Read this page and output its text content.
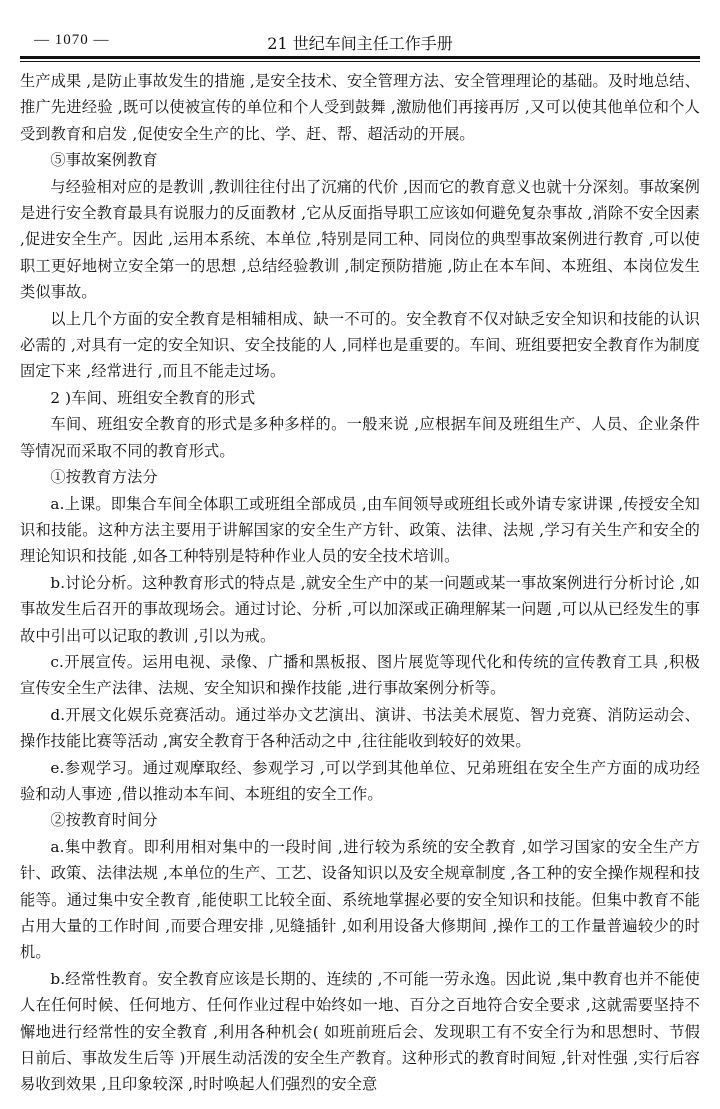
— 1070 —	21 世纪车间主任工作手册

生产成果 ,是防止事故发生的措施 ,是安全技术、安全管理方法、安全管理理论的基础。及时地总结、推广先进经验 ,既可以使被宣传的单位和个人受到鼓舞 ,激励他们再接再厉 ,又可以使其他单位和个人受到教育和启发 ,促使安全生产的比、学、赶、帮、超活动的开展。

⑤事故案例教育

与经验相对应的是教训 ,教训往往付出了沉痛的代价 ,因而它的教育意义也就十分深刻。事故案例是进行安全教育最具有说服力的反面教材 ,它从反面指导职工应该如何避免复杂事故 ,消除不安全因素 ,促进安全生产。因此 ,运用本系统、本单位 ,特别是同工种、同岗位的典型事故案例进行教育 ,可以使职工更好地树立安全第一的思想 ,总结经验教训 ,制定预防措施 ,防止在本车间、本班组、本岗位发生类似事故。

以上几个方面的安全教育是相辅相成、缺一不可的。安全教育不仅对缺乏安全知识和技能的认识必需的 ,对具有一定的安全知识、安全技能的人 ,同样也是重要的。车间、班组要把安全教育作为制度固定下来 ,经常进行 ,而且不能走过场。

2 )车间、班组安全教育的形式

车间、班组安全教育的形式是多种多样的。一般来说 ,应根据车间及班组生产、人员、企业条件等情况而采取不同的教育形式。

①按教育方法分

a.上课。即集合车间全体职工或班组全部成员 ,由车间领导或班组长或外请专家讲课 ,传授安全知识和技能。这种方法主要用于讲解国家的安全生产方针、政策、法律、法规 ,学习有关生产和安全的理论知识和技能 ,如各工种特别是特种作业人员的安全技术培训。

b.讨论分析。这种教育形式的特点是 ,就安全生产中的某一问题或某一事故案例进行分析讨论 ,如事故发生后召开的事故现场会。通过讨论、分析 ,可以加深或正确理解某一问题 ,可以从已经发生的事故中引出可以记取的教训 ,引以为戒。

c.开展宣传。运用电视、录像、广播和黑板报、图片展览等现代化和传统的宣传教育工具 ,积极宣传安全生产法律、法规、安全知识和操作技能 ,进行事故案例分析等。

d.开展文化娱乐竞赛活动。通过举办文艺演出、演讲、书法美术展览、智力竞赛、消防运动会、操作技能比赛等活动 ,寓安全教育于各种活动之中 ,往往能收到较好的效果。

e.参观学习。通过观摩取经、参观学习 ,可以学到其他单位、兄弟班组在安全生产方面的成功经验和动人事迹 ,借以推动本车间、本班组的安全工作。

②按教育时间分

a.集中教育。即利用相对集中的一段时间 ,进行较为系统的安全教育 ,如学习国家的安全生产方针、政策、法律法规 ,本单位的生产、工艺、设备知识以及安全规章制度 ,各工种的安全操作规程和技能等。通过集中安全教育 ,能使职工比较全面、系统地掌握必要的安全知识和技能。但集中教育不能占用大量的工作时间 ,而要合理安排 ,见缝插针 ,如利用设备大修期间 ,操作工的工作量普遍较少的时机。

b.经常性教育。安全教育应该是长期的、连续的 ,不可能一劳永逸。因此说 ,集中教育也并不能使人在任何时候、任何地方、任何作业过程中始终如一地、百分之百地符合安全要求 ,这就需要坚持不懈地进行经常性的安全教育 ,利用各种机会( 如班前班后会、发现职工有不安全行为和思想时、节假日前后、事故发生后等 )开展生动活泼的安全生产教育。这种形式的教育时间短 ,针对性强 ,实行后容易收到效果 ,且印象较深 ,时时唤起人们强烈的安全意
